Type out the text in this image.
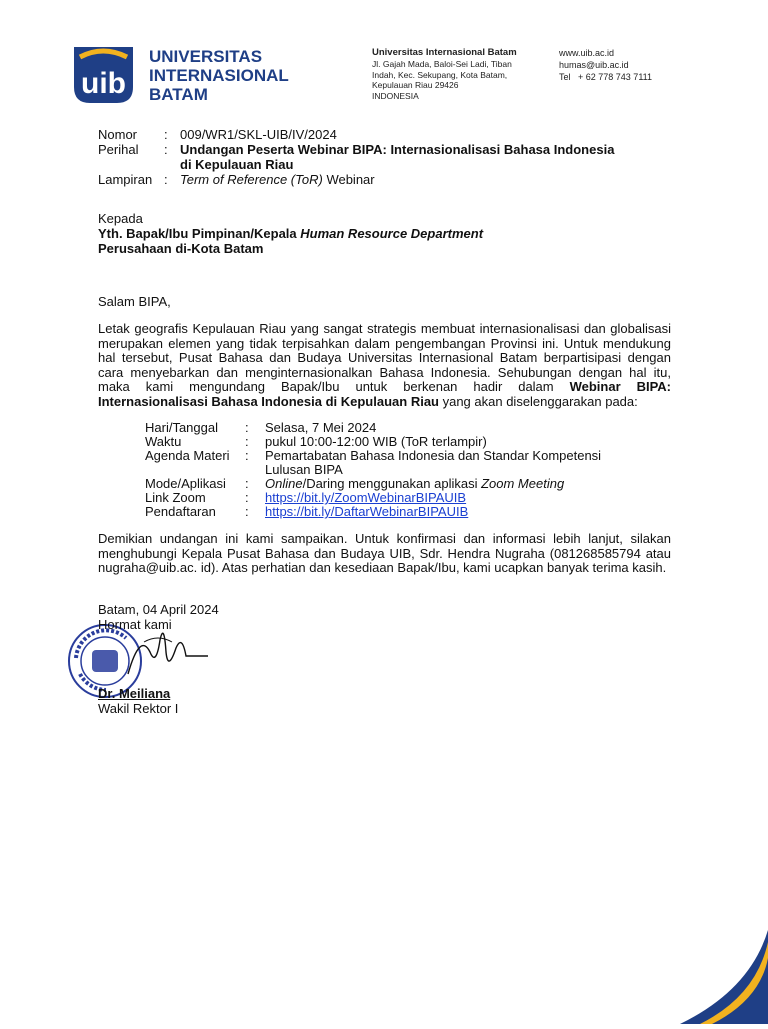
uib
UNIVERSITAS
INTERNASIONAL
BATAM
Universitas Internasional Batam
Jl. Gajah Mada, Baloi-Sei Ladi, Tiban
Indah, Kec. Sekupang, Kota Batam,
Kepulauan Riau 29426
INDONESIA
www.uib.ac.id
humas@uib.ac.id
Tel   + 62 778 743 7111
Nomor	: 009/WR1/SKL-UIB/IV/2024
Perihal	: Undangan Peserta Webinar BIPA: Internasionalisasi Bahasa Indonesia
di Kepulauan Riau
Lampiran : Term of Reference (ToR) Webinar
Kepada
Yth. Bapak/Ibu Pimpinan/Kepala Human Resource Department
Perusahaan di-Kota Batam
Salam BIPA,
Letak geografis Kepulauan Riau yang sangat strategis membuat internasionalisasi dan globalisasi merupakan elemen yang tidak terpisahkan dalam pengembangan Provinsi ini. Untuk mendukung hal tersebut, Pusat Bahasa dan Budaya Universitas Internasional Batam berpartisipasi dengan cara menyebarkan dan menginternasionalkan Bahasa Indonesia. Sehubungan dengan hal itu, maka kami mengundang Bapak/Ibu untuk berkenan hadir dalam Webinar BIPA: Internasionalisasi Bahasa Indonesia di Kepulauan Riau yang akan diselenggarakan pada:
Hari/Tanggal	:	Selasa, 7 Mei 2024
Waktu	:	pukul 10:00-12:00 WIB (ToR terlampir)
Agenda Materi	:	Pemartabatan Bahasa Indonesia dan Standar Kompetensi
Lulusan BIPA
Mode/Aplikasi	:	Online/Daring menggunakan aplikasi Zoom Meeting
Link Zoom	:	https://bit.ly/ZoomWebinarBIPAUIB
Pendaftaran	:	https://bit.ly/DaftarWebinarBIPAUIB
Demikian undangan ini kami sampaikan. Untuk konfirmasi dan informasi lebih lanjut, silakan menghubungi Kepala Pusat Bahasa dan Budaya UIB, Sdr. Hendra Nugraha (081268585794 atau nugraha@uib.ac. id). Atas perhatian dan kesediaan Bapak/Ibu, kami ucapkan banyak terima kasih.
Batam, 04 April 2024
Hormat kami
Dr. Meiliana
Wakil Rektor I
